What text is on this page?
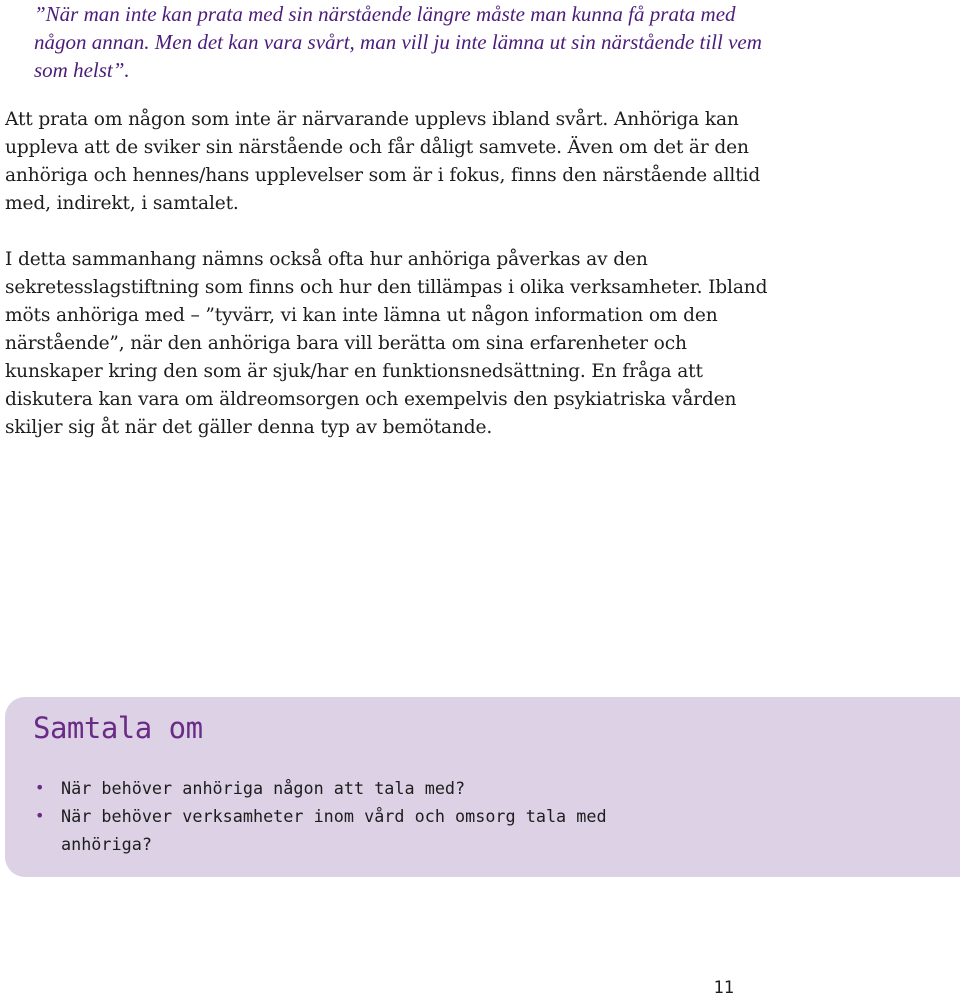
”När man inte kan prata med sin närstående längre måste man kunna få prata med någon annan. Men det kan vara svårt, man vill ju inte lämna ut sin närstående till vem som helst”.

Att prata om någon som inte är närvarande upplevs ibland svårt. Anhöriga kan uppleva att de sviker sin närstående och får dåligt samvete. Även om det är den anhöriga och hennes/hans upplevelser som är i fokus, finns den närstående alltid med, indirekt, i samtalet.

I detta sammanhang nämns också ofta hur anhöriga påverkas av den sekretesslagstiftning som finns och hur den tillämpas i olika verksamheter. Ibland möts anhöriga med – ”tyvärr, vi kan inte lämna ut någon information om den närstående”, när den anhöriga bara vill berätta om sina erfarenheter och kunskaper kring den som är sjuk/har en funktionsnedsättning. En fråga att diskutera kan vara om äldreomsorgen och exempelvis den psykiatriska vården skiljer sig åt när det gäller denna typ av bemötande.

Samtala om
• När behöver anhöriga någon att tala med?
• När behöver verksamheter inom vård och omsorg tala med anhöriga?
11
